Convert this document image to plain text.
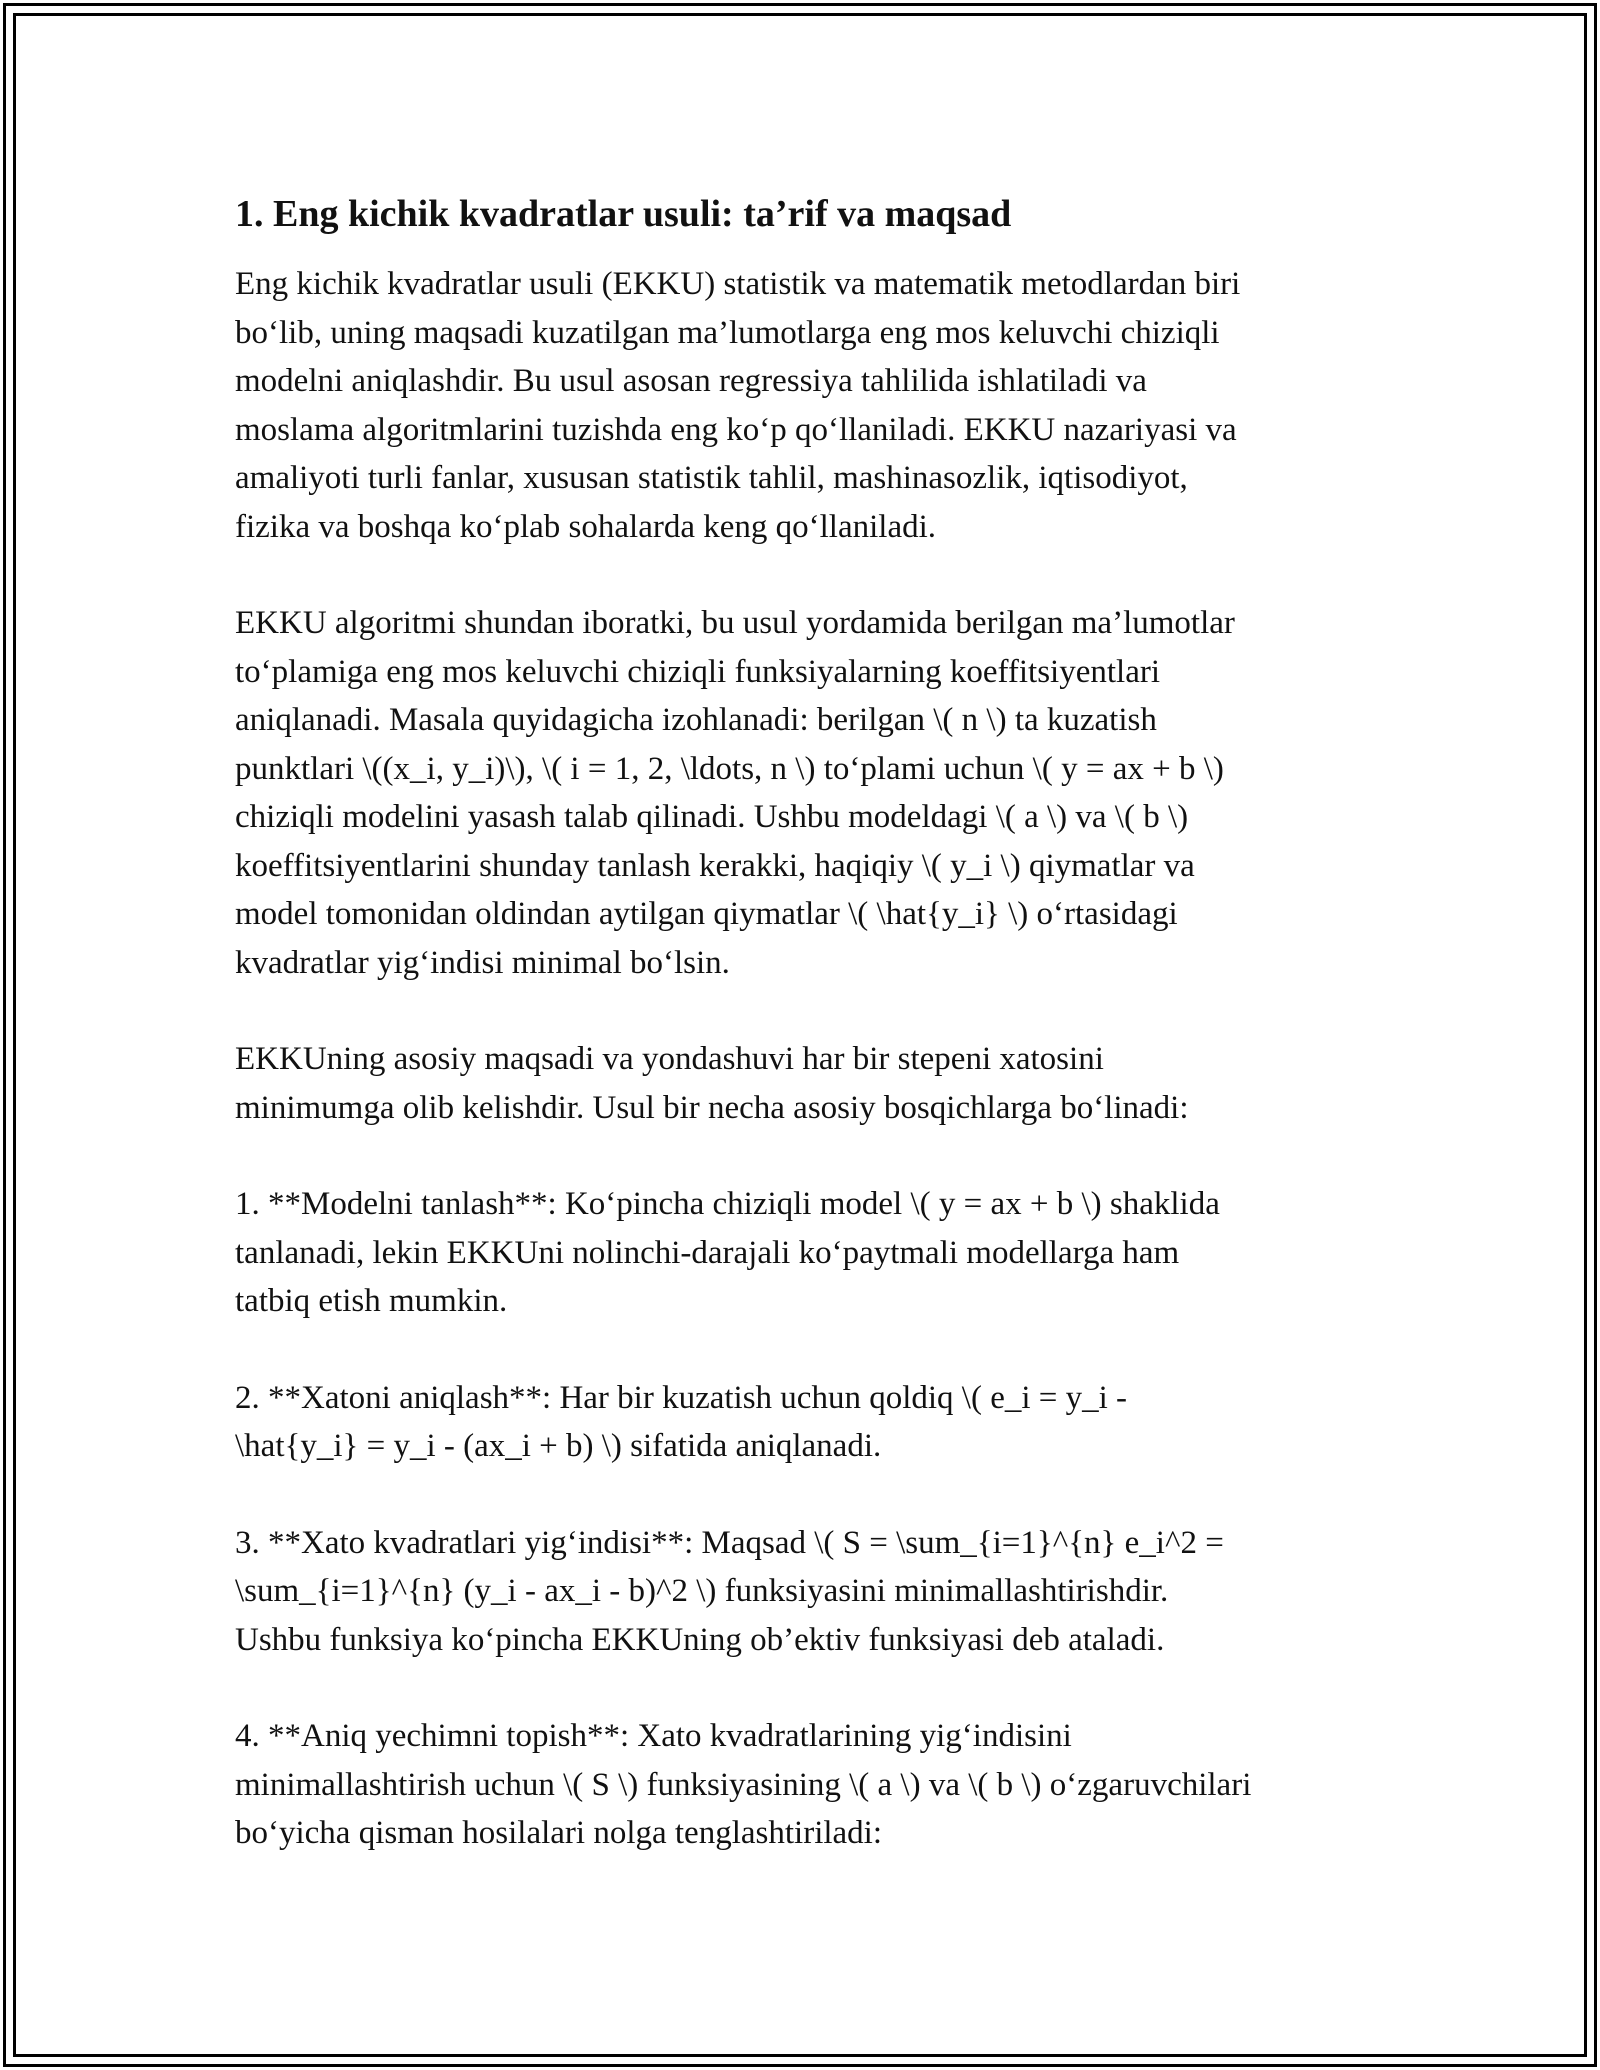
1. Eng kichik kvadratlar usuli: ta’rif va maqsad

Eng kichik kvadratlar usuli (EKKU) statistik va matematik metodlardan biri
bo‘lib, uning maqsadi kuzatilgan ma’lumotlarga eng mos keluvchi chiziqli
modelni aniqlashdir. Bu usul asosan regressiya tahlilida ishlatiladi va
moslama algoritmlarini tuzishda eng ko‘p qo‘llaniladi. EKKU nazariyasi va
amaliyoti turli fanlar, xususan statistik tahlil, mashinasozlik, iqtisodiyot,
fizika va boshqa ko‘plab sohalarda keng qo‘llaniladi.

EKKU algoritmi shundan iboratki, bu usul yordamida berilgan ma’lumotlar
to‘plamiga eng mos keluvchi chiziqli funksiyalarning koeffitsiyentlari
aniqlanadi. Masala quyidagicha izohlanadi: berilgan \( n \) ta kuzatish
punktlari \((x_i, y_i)\), \( i = 1, 2, \ldots, n \) to‘plami uchun \( y = ax + b \)
chiziqli modelini yasash talab qilinadi. Ushbu modeldagi \( a \) va \( b \)
koeffitsiyentlarini shunday tanlash kerakki, haqiqiy \( y_i \) qiymatlar va
model tomonidan oldindan aytilgan qiymatlar \( \hat{y_i} \) o‘rtasidagi
kvadratlar yig‘indisi minimal bo‘lsin.

EKKUning asosiy maqsadi va yondashuvi har bir stepeni xatosini
minimumga olib kelishdir. Usul bir necha asosiy bosqichlarga bo‘linadi:

1. **Modelni tanlash**: Ko‘pincha chiziqli model \( y = ax + b \) shaklida
tanlanadi, lekin EKKUni nolinchi-darajali ko‘paytmali modellarga ham
tatbiq etish mumkin.

2. **Xatoni aniqlash**: Har bir kuzatish uchun qoldiq \( e_i = y_i -
\hat{y_i} = y_i - (ax_i + b) \) sifatida aniqlanadi.

3. **Xato kvadratlari yig‘indisi**: Maqsad \( S = \sum_{i=1}^{n} e_i^2 =
\sum_{i=1}^{n} (y_i - ax_i - b)^2 \) funksiyasini minimallashtirishdir.
Ushbu funksiya ko‘pincha EKKUning ob’ektiv funksiyasi deb ataladi.

4. **Aniq yechimni topish**: Xato kvadratlarining yig‘indisini
minimallashtirish uchun \( S \) funksiyasining \( a \) va \( b \) o‘zgaruvchilari
bo‘yicha qisman hosilalari nolga tenglashtiriladi:
